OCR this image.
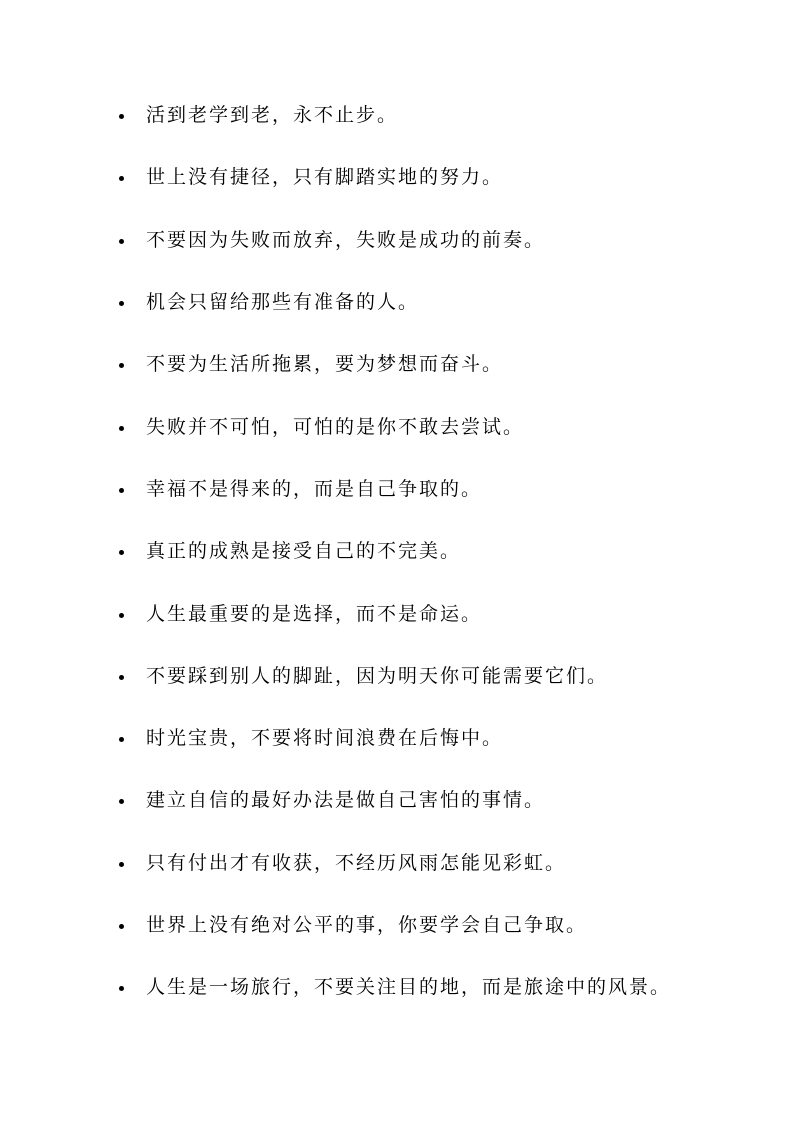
活到老学到老，永不止步。
世上没有捷径，只有脚踏实地的努力。
不要因为失败而放弃，失败是成功的前奏。
机会只留给那些有准备的人。
不要为生活所拖累，要为梦想而奋斗。
失败并不可怕，可怕的是你不敢去尝试。
幸福不是得来的，而是自己争取的。
真正的成熟是接受自己的不完美。
人生最重要的是选择，而不是命运。
不要踩到别人的脚趾，因为明天你可能需要它们。
时光宝贵，不要将时间浪费在后悔中。
建立自信的最好办法是做自己害怕的事情。
只有付出才有收获，不经历风雨怎能见彩虹。
世界上没有绝对公平的事，你要学会自己争取。
人生是一场旅行，不要关注目的地，而是旅途中的风景。
